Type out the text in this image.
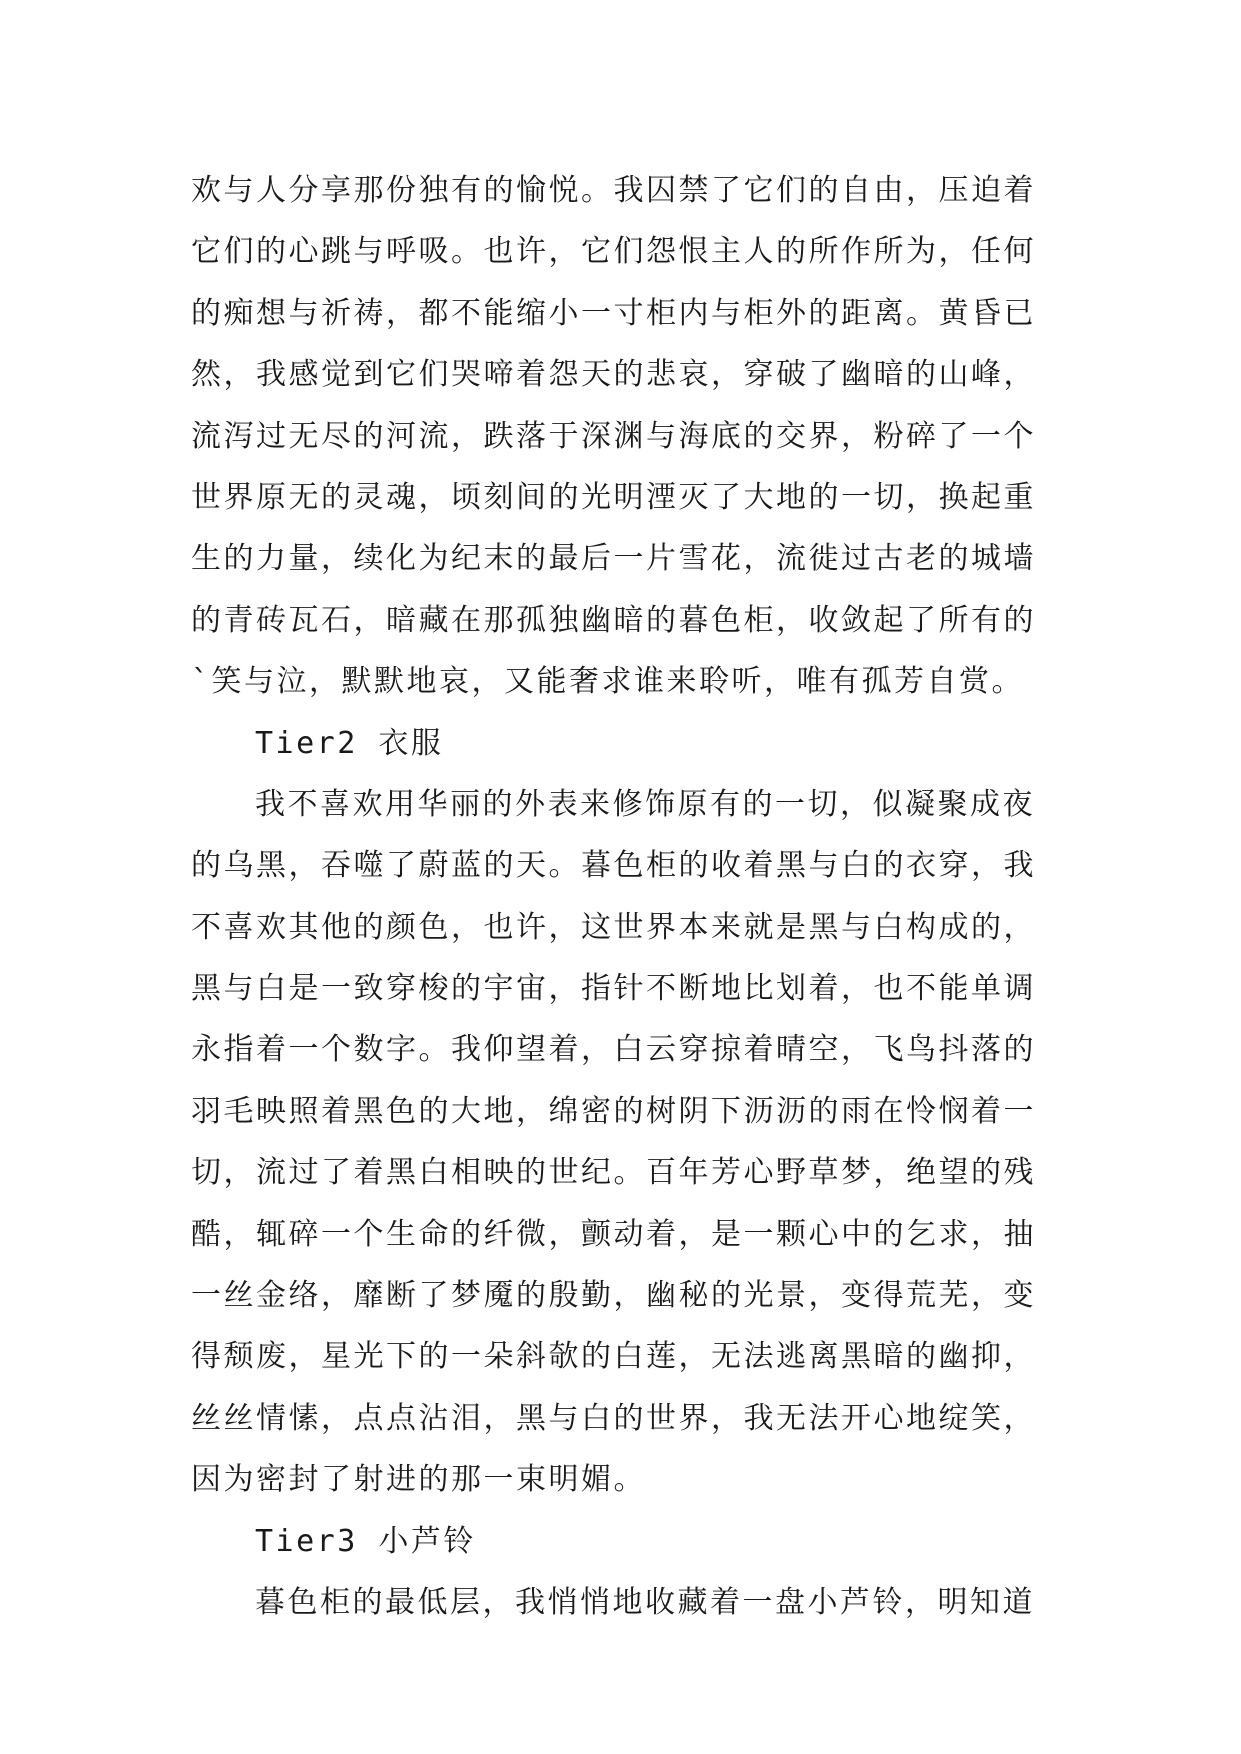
欢与人分享那份独有的愉悦。我囚禁了它们的自由，压迫着
它们的心跳与呼吸。也许，它们怨恨主人的所作所为，任何
的痴想与祈祷，都不能缩小一寸柜内与柜外的距离。黄昏已
然，我感觉到它们哭啼着怨天的悲哀，穿破了幽暗的山峰，
流泻过无尽的河流，跌落于深渊与海底的交界，粉碎了一个
世界原无的灵魂，顷刻间的光明湮灭了大地的一切，换起重
生的力量，续化为纪末的最后一片雪花，流徙过古老的城墙
的青砖瓦石，暗藏在那孤独幽暗的暮色柜，收敛起了所有的
`笑与泣，默默地哀，又能奢求谁来聆听，唯有孤芳自赏。
Tier2 衣服
我不喜欢用华丽的外表来修饰原有的一切，似凝聚成夜
的乌黑，吞噬了蔚蓝的天。暮色柜的收着黑与白的衣穿，我
不喜欢其他的颜色，也许，这世界本来就是黑与白构成的，
黑与白是一致穿梭的宇宙，指针不断地比划着，也不能单调
永指着一个数字。我仰望着，白云穿掠着晴空，飞鸟抖落的
羽毛映照着黑色的大地，绵密的树阴下沥沥的雨在怜悯着一
切，流过了着黑白相映的世纪。百年芳心野草梦，绝望的残
酷，辄碎一个生命的纤微，颤动着，是一颗心中的乞求，抽
一丝金络，靡断了梦魇的殷勤，幽秘的光景，变得荒芜，变
得颓废，星光下的一朵斜欹的白莲，无法逃离黑暗的幽抑，
丝丝情愫，点点沾泪，黑与白的世界，我无法开心地绽笑，
因为密封了射进的那一束明媚。
Tier3 小芦铃
暮色柜的最低层，我悄悄地收藏着一盘小芦铃，明知道
